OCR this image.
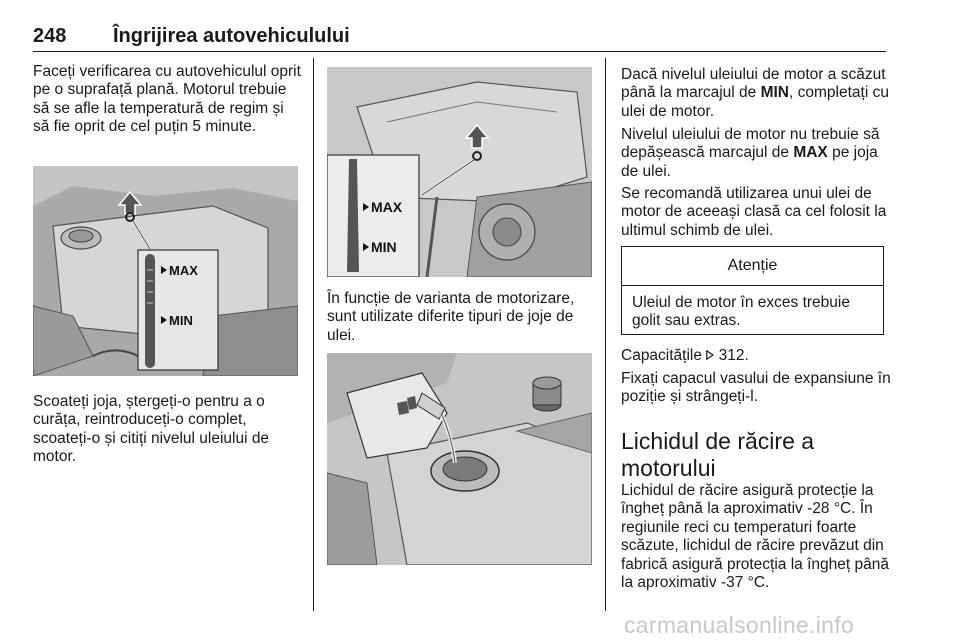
248 Îngrijirea autovehiculului

Faceți verificarea cu autovehiculul oprit pe o suprafață plană. Motorul trebuie să se afle la temperatură de regim și să fie oprit de cel puțin 5 minute.

MAX
MIN

Scoateți joja, ștergeți-o pentru a o curăța, reintroduceți-o complet, scoateți-o și citiți nivelul uleiului de motor.

MAX
MIN

În funcție de varianta de motorizare, sunt utilizate diferite tipuri de joje de ulei.

Dacă nivelul uleiului de motor a scăzut până la marcajul de MIN, completați cu ulei de motor.

Nivelul uleiului de motor nu trebuie să depășească marcajul de MAX pe joja de ulei.

Se recomandă utilizarea unui ulei de motor de aceeași clasă ca cel folosit la ultimul schimb de ulei.

Atenție
Uleiul de motor în exces trebuie golit sau extras.

Capacitățile 312.

Fixați capacul vasului de expansiune în poziție și strângeți-l.

Lichidul de răcire a motorului

Lichidul de răcire asigură protecție la îngheț până la aproximativ -28 °C. În regiunile reci cu temperaturi foarte scăzute, lichidul de răcire prevăzut din fabrică asigură protecția la îngheț până la aproximativ -37 °C.

carmanualsonline.info
